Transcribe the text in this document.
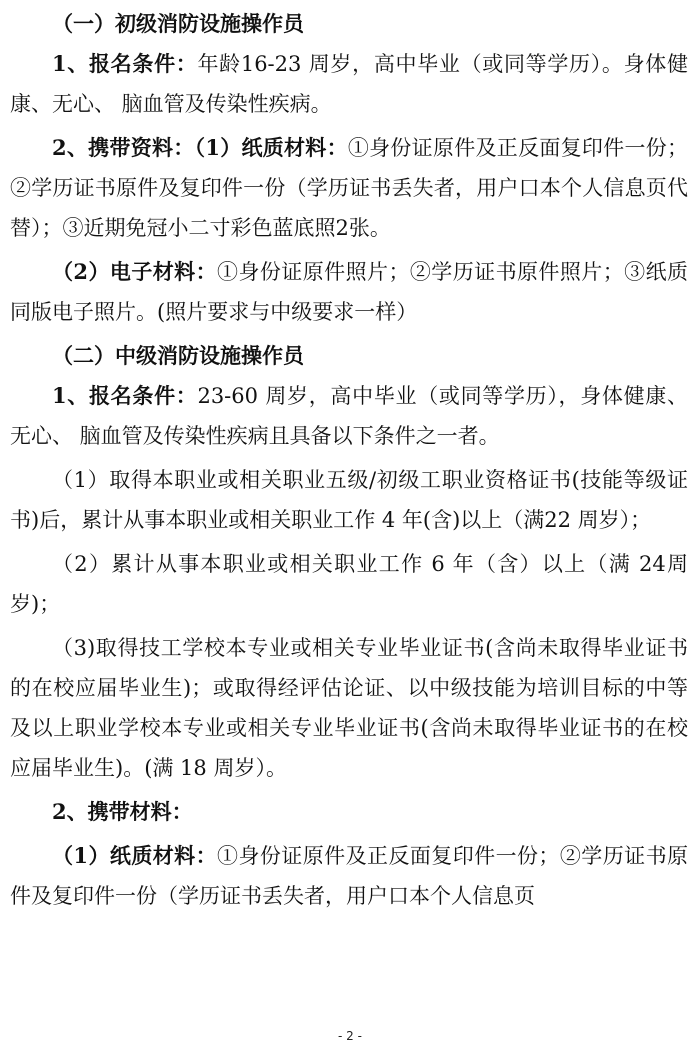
（一）初级消防设施操作员

1、报名条件：年龄16-23 周岁，高中毕业（或同等学历）。身体健康、无心、 脑血管及传染性疾病。

2、携带资料：（1）纸质材料：①身份证原件及正反面复印件一份；②学历证书原件及复印件一份（学历证书丢失者，用户口本个人信息页代替）；③近期免冠小二寸彩色蓝底照2张。

（2）电子材料：①身份证原件照片；②学历证书原件照片；③纸质同版电子照片。(照片要求与中级要求一样）

（二）中级消防设施操作员

1、报名条件：23-60 周岁，高中毕业（或同等学历），身体健康、无心、 脑血管及传染性疾病且具备以下条件之一者。

（1）取得本职业或相关职业五级/初级工职业资格证书(技能等级证书)后，累计从事本职业或相关职业工作 4 年(含)以上（满22 周岁）；

（2）累计从事本职业或相关职业工作 6 年（含）以上（满 24周岁)；

（3)取得技工学校本专业或相关专业毕业证书(含尚未取得毕业证书的在校应届毕业生)；或取得经评估论证、以中级技能为培训目标的中等及以上职业学校本专业或相关专业毕业证书(含尚未取得毕业证书的在校应届毕业生)。(满 18 周岁）。

2、携带材料：

（1）纸质材料：①身份证原件及正反面复印件一份；②学历证书原件及复印件一份（学历证书丢失者，用户口本个人信息页

- 2 -
